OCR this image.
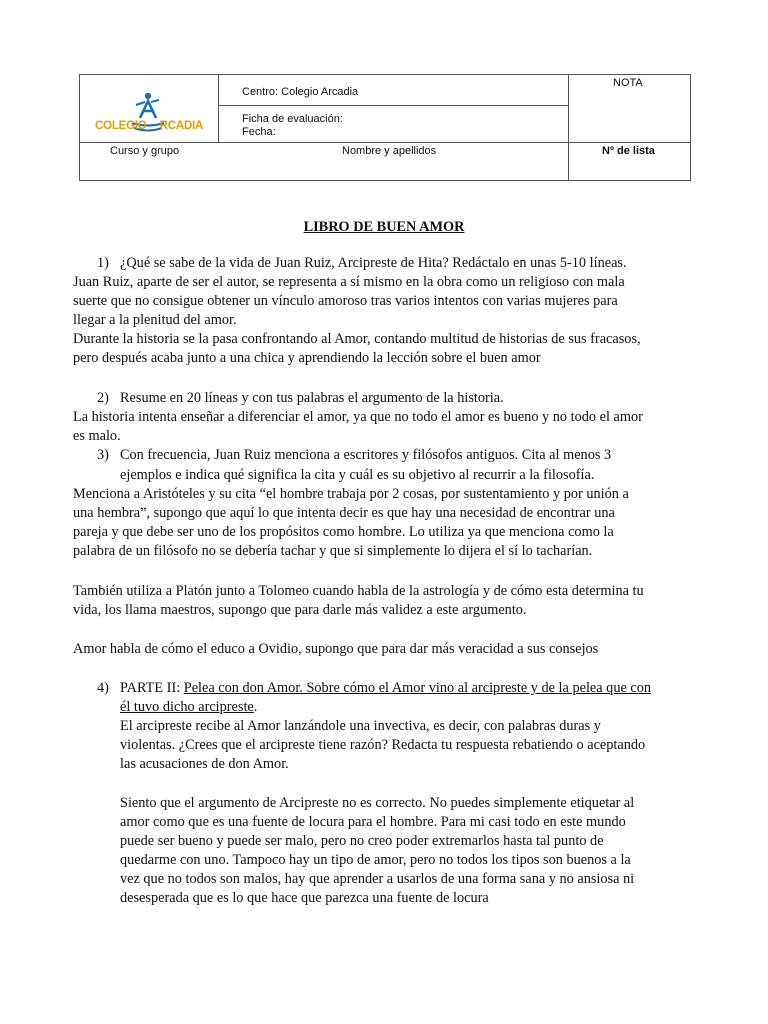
COLEGIO RCADIA
Centro: Colegio Arcadia
Ficha de evaluación:
Fecha:
NOTA
Curso y grupo	Nombre y apellidos	Nº de lista
LIBRO DE BUEN AMOR
1) ¿Qué se sabe de la vida de Juan Ruiz, Arcipreste de Hita? Redáctalo en unas 5-10 líneas.
Juan Ruiz, aparte de ser el autor, se representa a sí mismo en la obra como un religioso con mala
suerte que no consigue obtener un vínculo amoroso tras varios intentos con varias mujeres para
llegar a la plenitud del amor.
Durante la historia se la pasa confrontando al Amor, contando multitud de historias de sus fracasos,
pero después acaba junto a una chica y aprendiendo la lección sobre el buen amor
2) Resume en 20 líneas y con tus palabras el argumento de la historia.
La historia intenta enseñar a diferenciar el amor, ya que no todo el amor es bueno y no todo el amor
es malo.
3) Con frecuencia, Juan Ruiz menciona a escritores y filósofos antiguos. Cita al menos 3
ejemplos e indica qué significa la cita y cuál es su objetivo al recurrir a la filosofía.
Menciona a Aristóteles y su cita “el hombre trabaja por 2 cosas, por sustentamiento y por unión a
una hembra”, supongo que aquí lo que intenta decir es que hay una necesidad de encontrar una
pareja y que debe ser uno de los propósitos como hombre. Lo utiliza ya que menciona como la
palabra de un filósofo no se debería tachar y que si simplemente lo dijera el sí lo tacharían.
También utiliza a Platón junto a Tolomeo cuando habla de la astrología y de cómo esta determina tu
vida, los llama maestros, supongo que para darle más validez a este argumento.
Amor habla de cómo el educo a Ovidio, supongo que para dar más veracidad a sus consejos
4) PARTE II: Pelea con don Amor. Sobre cómo el Amor vino al arcipreste y de la pelea que con
él tuvo dicho arcipreste.
El arcipreste recibe al Amor lanzándole una invectiva, es decir, con palabras duras y
violentas. ¿Crees que el arcipreste tiene razón? Redacta tu respuesta rebatiendo o aceptando
las acusaciones de don Amor.
Siento que el argumento de Arcipreste no es correcto. No puedes simplemente etiquetar al
amor como que es una fuente de locura para el hombre. Para mi casi todo en este mundo
puede ser bueno y puede ser malo, pero no creo poder extremarlos hasta tal punto de
quedarme con uno. Tampoco hay un tipo de amor, pero no todos los tipos son buenos a la
vez que no todos son malos, hay que aprender a usarlos de una forma sana y no ansiosa ni
desesperada que es lo que hace que parezca una fuente de locura
